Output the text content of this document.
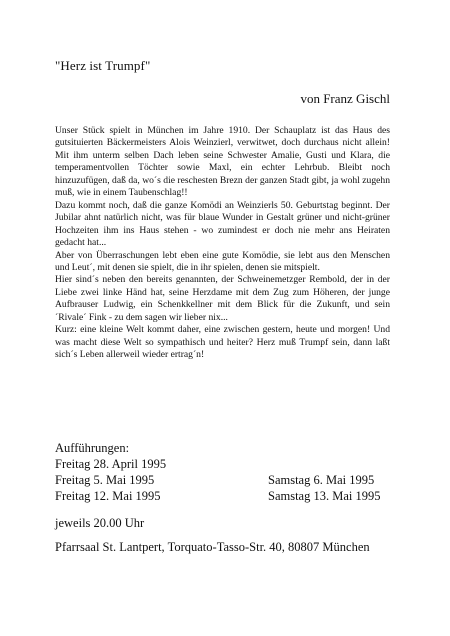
"Herz ist Trumpf"
von Franz Gischl

Unser Stück spielt in München im Jahre 1910. Der Schauplatz ist das Haus des gutsituierten Bäckermeisters Alois Weinzierl, verwitwet, doch durchaus nicht allein! Mit ihm unterm selben Dach leben seine Schwester Amalie, Gusti und Klara, die temperamentvollen Töchter sowie Maxl, ein echter Lehrbub. Bleibt noch hinzuzufügen, daß da, wo´s die reschesten Brezn der ganzen Stadt gibt, ja wohl zugehn muß, wie in einem Taubenschlag!!

Dazu kommt noch, daß die ganze Komödi an Weinzierls 50. Geburtstag beginnt. Der Jubilar ahnt natürlich nicht, was für blaue Wunder in Gestalt grüner und nicht-grüner Hochzeiten ihm ins Haus stehen - wo zumindest er doch nie mehr ans Heiraten gedacht hat...

Aber von Überraschungen lebt eben eine gute Komödie, sie lebt aus den Menschen und Leut´, mit denen sie spielt, die in ihr spielen, denen sie mitspielt.

Hier sind´s neben den bereits genannten, der Schweinemetzger Rembold, der in der Liebe zwei linke Händ hat, seine Herzdame mit dem Zug zum Höheren, der junge Aufbrauser Ludwig, ein Schenkkellner mit dem Blick für die Zukunft, und sein ´Rivale´ Fink - zu dem sagen wir lieber nix...

Kurz: eine kleine Welt kommt daher, eine zwischen gestern, heute und morgen! Und was macht diese Welt so sympathisch und heiter? Herz muß Trumpf sein, dann laßt sich´s Leben allerweil wieder ertrag´n!

Aufführungen:
Freitag 28. April 1995
Freitag 5. Mai 1995	Samstag 6. Mai 1995
Freitag 12. Mai 1995	Samstag 13. Mai 1995
jeweils 20.00 Uhr
Pfarrsaal St. Lantpert, Torquato-Tasso-Str. 40, 80807 München
